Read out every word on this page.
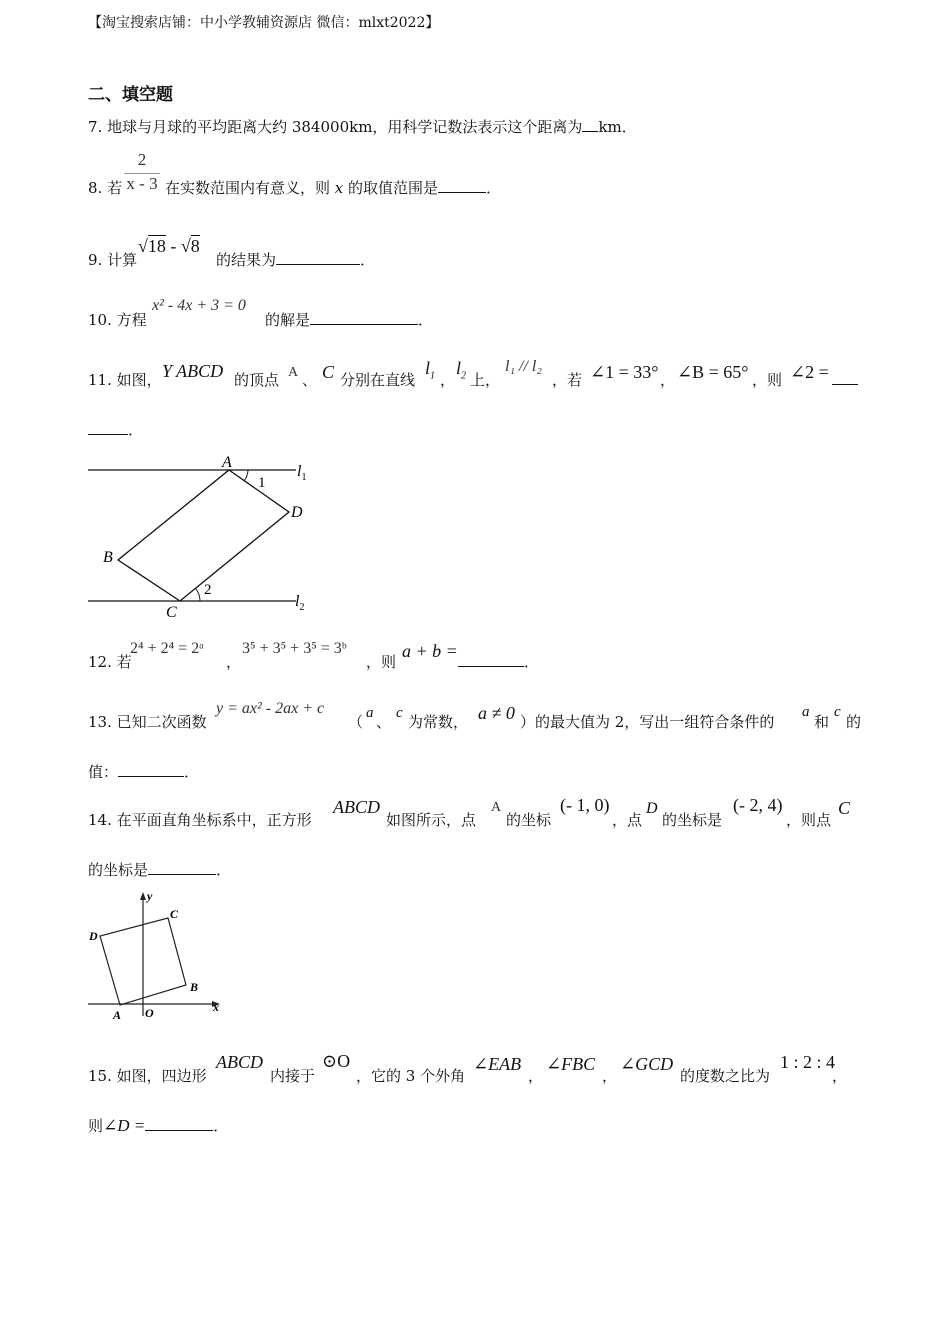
【淘宝搜索店铺：中小学教辅资源店 微信：mlxt2022】
二、填空题
7. 地球与月球的平均距离大约 384000km，用科学记数法表示这个距离为 km．
8. 若
2
x - 3 在实数范围内有意义，则 x 的取值范围是	．
9. 计算
√18 - √8
的结果为	．
10. 方程
x² - 4x + 3 = 0
的解是	．
11. 如图， Y ABCD 的顶点 A 、 C 分别在直线
$l_1$ ，
$l_2$ 上，
l₁ // l₂
，若 ∠1 = 33° ， ∠B = 65° ，则 ∠2 =
．
A
B
C
D
$l_1$
$l_2$
1
2
12. 若
2⁴ + 2⁴ = 2ᵃ
，
3⁵ + 3⁵ + 3⁵ = 3ᵇ
，则
a + b =
．
13. 已知二次函数
y = ax² - 2ax + c
（ a 、 c 为常数， a ≠ 0 ）的最大值为 2，写出一组符合条件的
a
和
c
的
值：	．
14. 在平面直角坐标系中，正方形
ABCD
如图所示，点
A
的坐标
(- 1, 0)
，点
D
的坐标是
(- 2, 4)
，则点
C
的坐标是	．
y
x
A O
B
C
D
15. 如图，四边形
ABCD
内接于
⊙O
，它的 3 个外角
∠EAB
，
∠FBC
，
∠GCD
的度数之比为
1 : 2 : 4
，
则∠D =	．
